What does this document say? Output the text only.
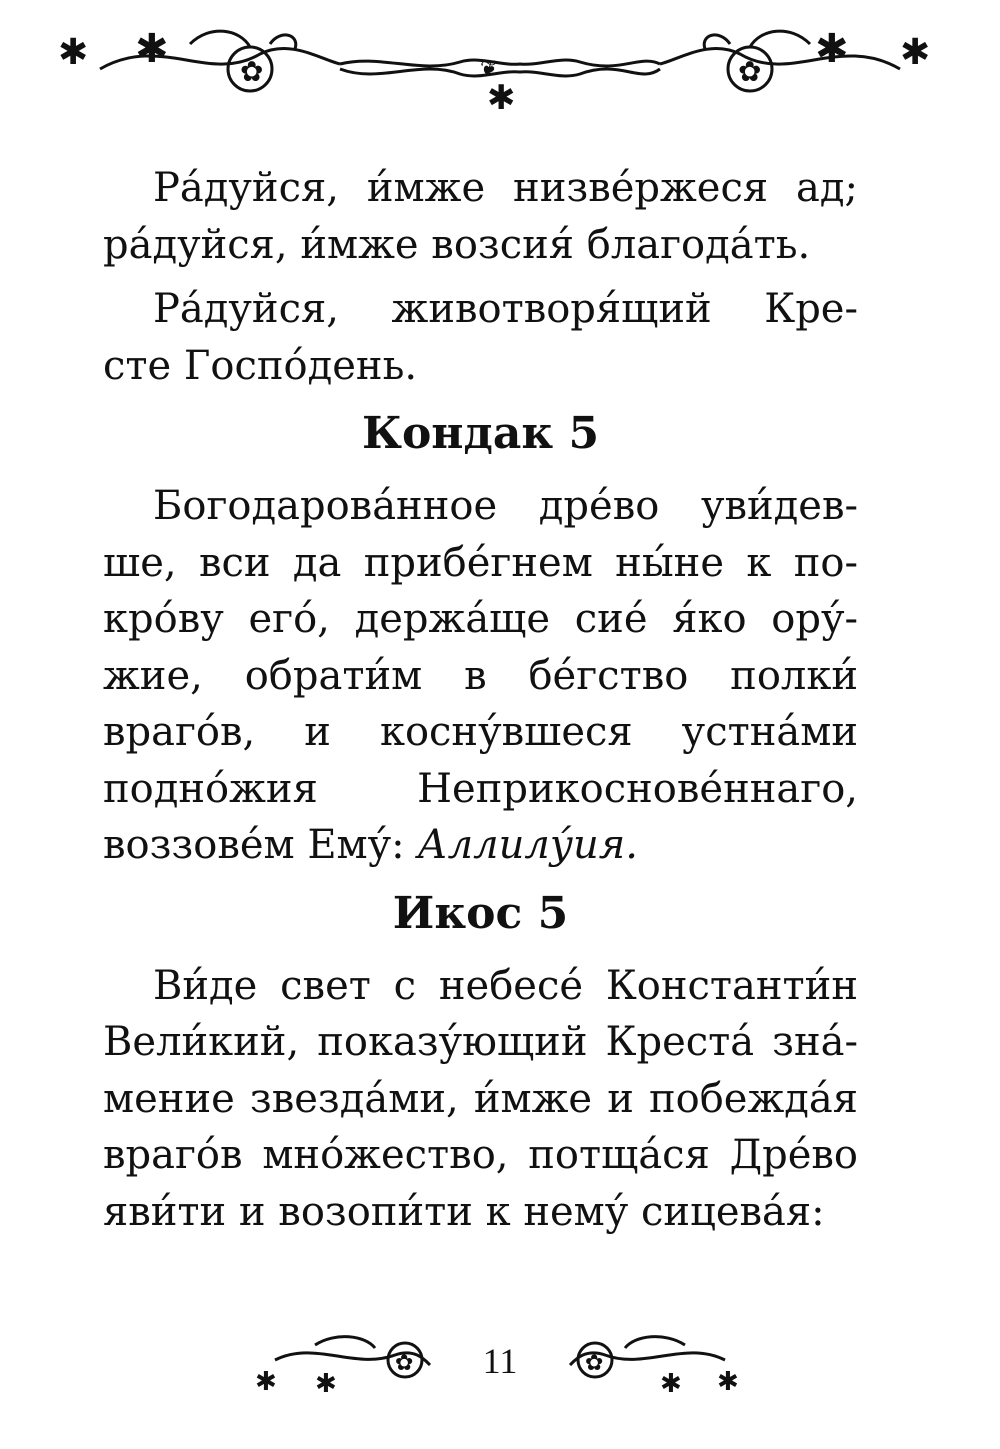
✱ ✱	✱ ✱
✿	✿
✱
❦

Ра́дуйся, и́мже низве́ржеся ад;
ра́дуйся, и́мже возсия́ благода́ть.

Ра́дуйся, животворя́щий Кре-
сте Госпо́день.

Кондак 5

Богодарова́нное дре́во уви́дев-
ше, вси да прибе́гнем ны́не к по-
кро́ву его́, держа́ще сие́ я́ко ору́-
жие, обрати́м в бе́гство полки́
враго́в, и косну́вшеся устна́ми
подно́жия Неприкоснове́ннаго,
воззове́м Ему́: Аллилу́ия.

Икос 5

Ви́де свет с небесе́ Константи́н
Вели́кий, показу́ющий Креста́ зна́-
мение звезда́ми, и́мже и побежда́я
враго́в мно́жество, потща́ся Дре́во
яви́ти и возопи́ти к нему́ сицева́я:

✱ ✱	✱ ✱
✿	✿
11
